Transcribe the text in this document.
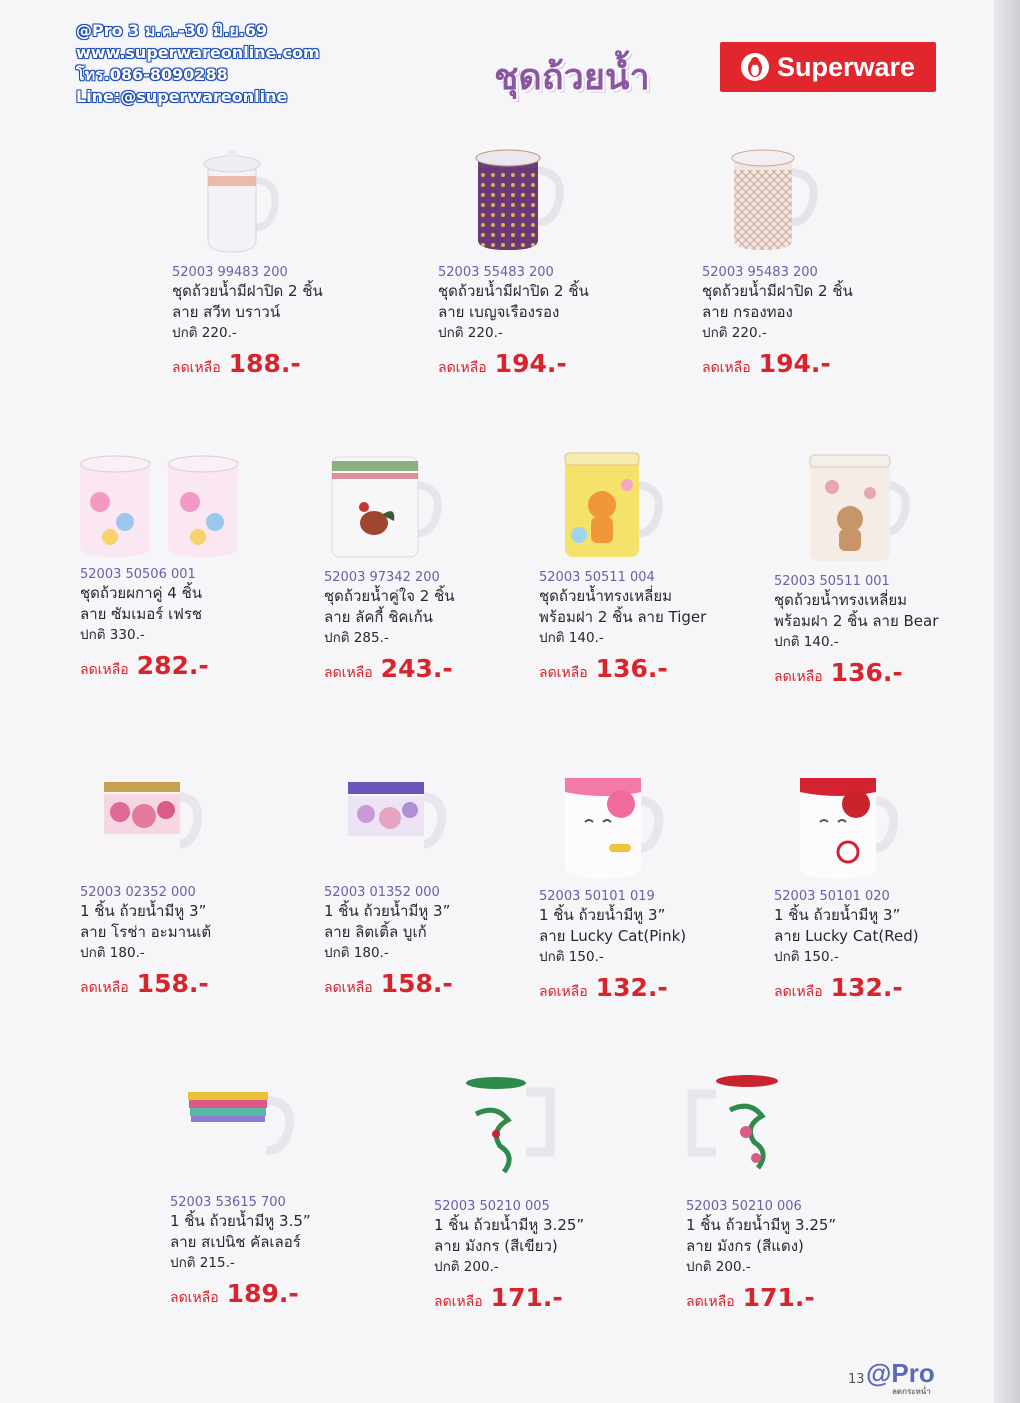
@Pro 3 ม.ค.-30 มิ.ย.69
www.superwareonline.com
โทร.086-8090288
Line:@superwareonline	ชุดถ้วยน้ำ	Superware
52003 99483 200
ชุดถ้วยน้ำมีฝาปิด 2 ชิ้น
ลาย สวีท บราวน์
ปกติ 220.-
ลดเหลือ 188.-
52003 55483 200
ชุดถ้วยน้ำมีฝาปิด 2 ชิ้น
ลาย เบญจเรืองรอง
ปกติ 220.-
ลดเหลือ 194.-
52003 95483 200
ชุดถ้วยน้ำมีฝาปิด 2 ชิ้น
ลาย กรองทอง
ปกติ 220.-
ลดเหลือ 194.-
52003 50506 001
ชุดถ้วยผกาคู่ 4 ชิ้น
ลาย ซัมเมอร์ เฟรช
ปกติ 330.-
ลดเหลือ 282.-
52003 97342 200
ชุดถ้วยน้ำคู่ใจ 2 ชิ้น
ลาย ลัคกี้ ชิคเก้น
ปกติ 285.-
ลดเหลือ 243.-
52003 50511 004
ชุดถ้วยน้ำทรงเหลี่ยม
พร้อมฝา 2 ชิ้น ลาย Tiger
ปกติ 140.-
ลดเหลือ 136.-
52003 50511 001
ชุดถ้วยน้ำทรงเหลี่ยม
พร้อมฝา 2 ชิ้น ลาย Bear
ปกติ 140.-
ลดเหลือ 136.-
52003 02352 000
1 ชิ้น ถ้วยน้ำมีหู 3”
ลาย โรช่า อะมานเต้
ปกติ 180.-
ลดเหลือ 158.-
52003 01352 000
1 ชิ้น ถ้วยน้ำมีหู 3”
ลาย ลิตเติ้ล บูเก้
ปกติ 180.-
ลดเหลือ 158.-
52003 50101 019
1 ชิ้น ถ้วยน้ำมีหู 3”
ลาย Lucky Cat(Pink)
ปกติ 150.-
ลดเหลือ 132.-
52003 50101 020
1 ชิ้น ถ้วยน้ำมีหู 3”
ลาย Lucky Cat(Red)
ปกติ 150.-
ลดเหลือ 132.-
52003 53615 700
1 ชิ้น ถ้วยน้ำมีหู 3.5”
ลาย สเปนิช คัลเลอร์
ปกติ 215.-
ลดเหลือ 189.-
52003 50210 005
1 ชิ้น ถ้วยน้ำมีหู 3.25”
ลาย มังกร (สีเขียว)
ปกติ 200.-
ลดเหลือ 171.-
52003 50210 006
1 ชิ้น ถ้วยน้ำมีหู 3.25”
ลาย มังกร (สีแดง)
ปกติ 200.-
ลดเหลือ 171.-
13 @Pro
ลดกระหน่ำ
